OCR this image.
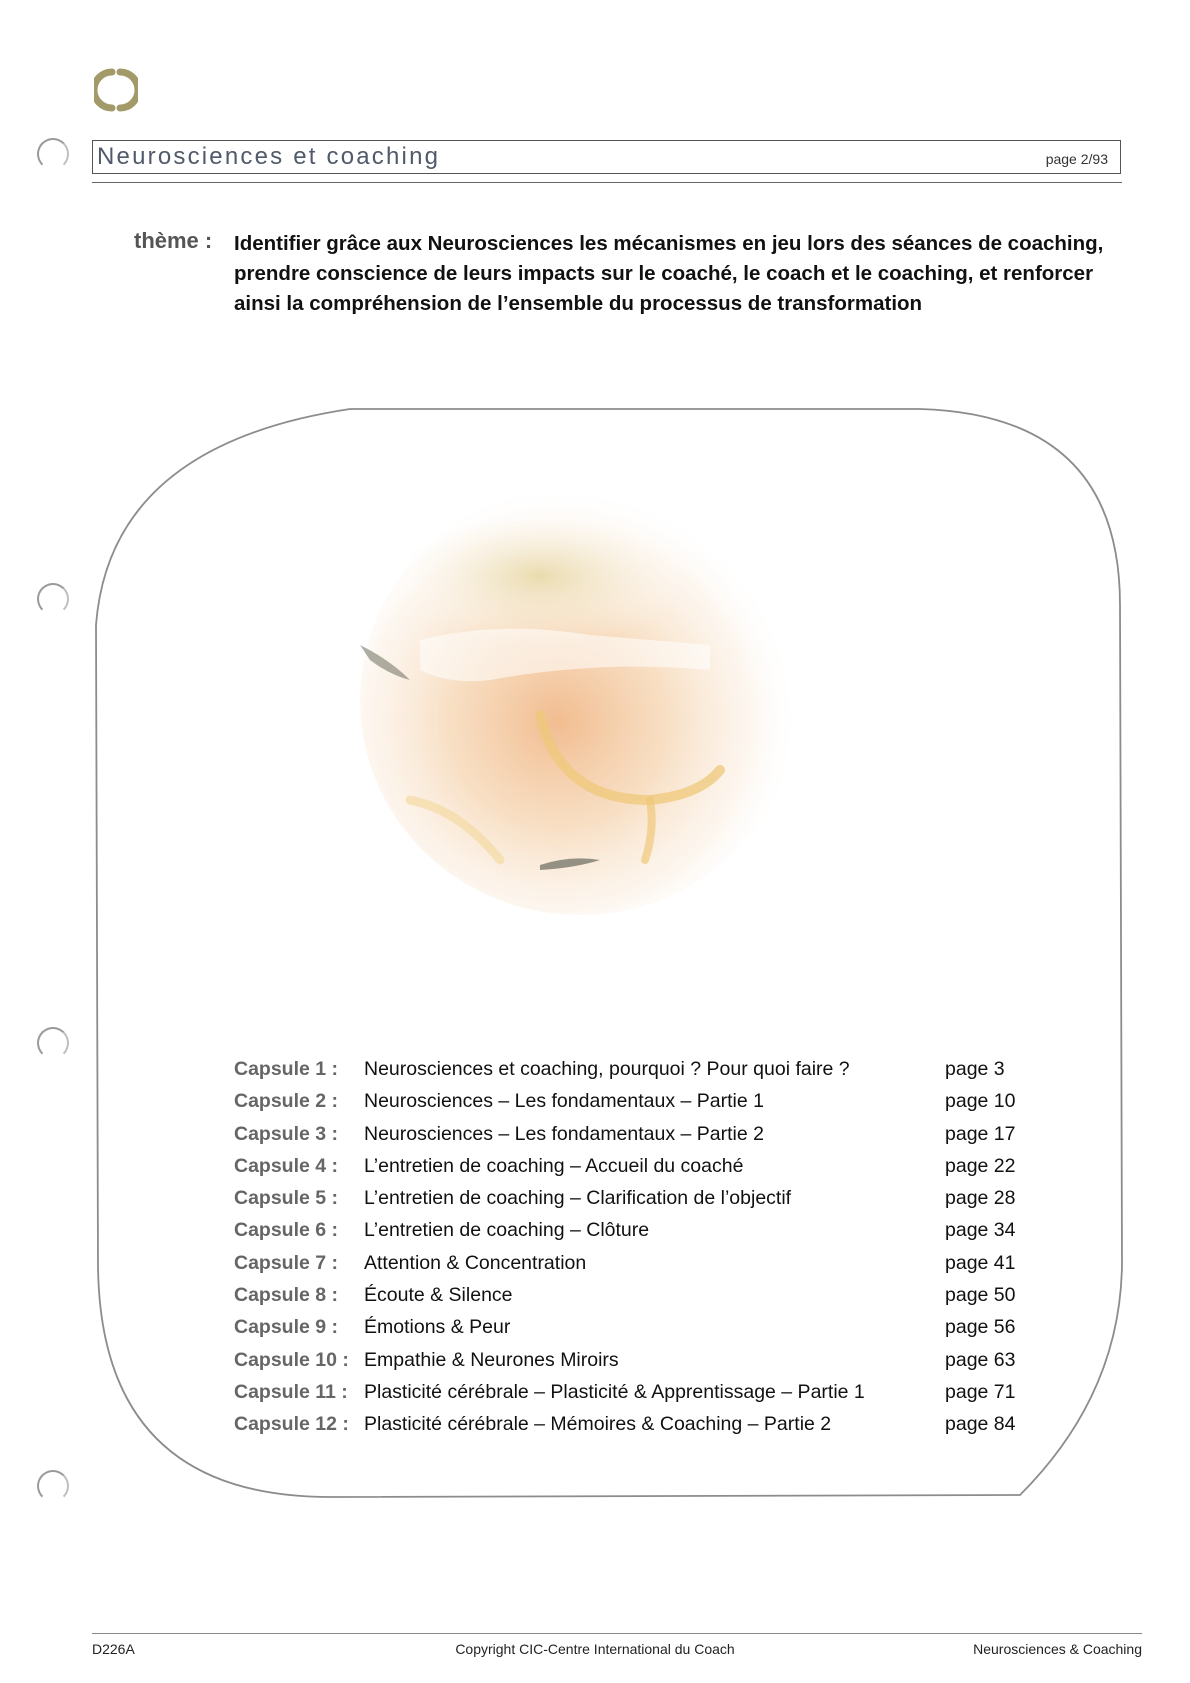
Neurosciences et coaching	page 2/93
thème : Identifier grâce aux Neurosciences les mécanismes en jeu lors des séances de coaching, prendre conscience de leurs impacts sur le coaché, le coach et le coaching, et renforcer ainsi la compréhension de l’ensemble du processus de transformation
Capsule 1 : Neurosciences et coaching, pourquoi ? Pour quoi faire ?	page 3
Capsule 2 : Neurosciences – Les fondamentaux – Partie 1	page 10
Capsule 3 : Neurosciences – Les fondamentaux – Partie 2	page 17
Capsule 4 : L’entretien de coaching – Accueil du coaché	page 22
Capsule 5 : L’entretien de coaching – Clarification de l’objectif	page 28
Capsule 6 : L’entretien de coaching – Clôture	page 34
Capsule 7 : Attention & Concentration	page 41
Capsule 8 : Écoute & Silence	page 50
Capsule 9 : Émotions & Peur	page 56
Capsule 10 : Empathie & Neurones Miroirs	page 63
Capsule 11 : Plasticité cérébrale – Plasticité & Apprentissage – Partie 1	page 71
Capsule 12 : Plasticité cérébrale – Mémoires & Coaching – Partie 2	page 84
D226A	Copyright CIC-Centre International du Coach	Neurosciences & Coaching
